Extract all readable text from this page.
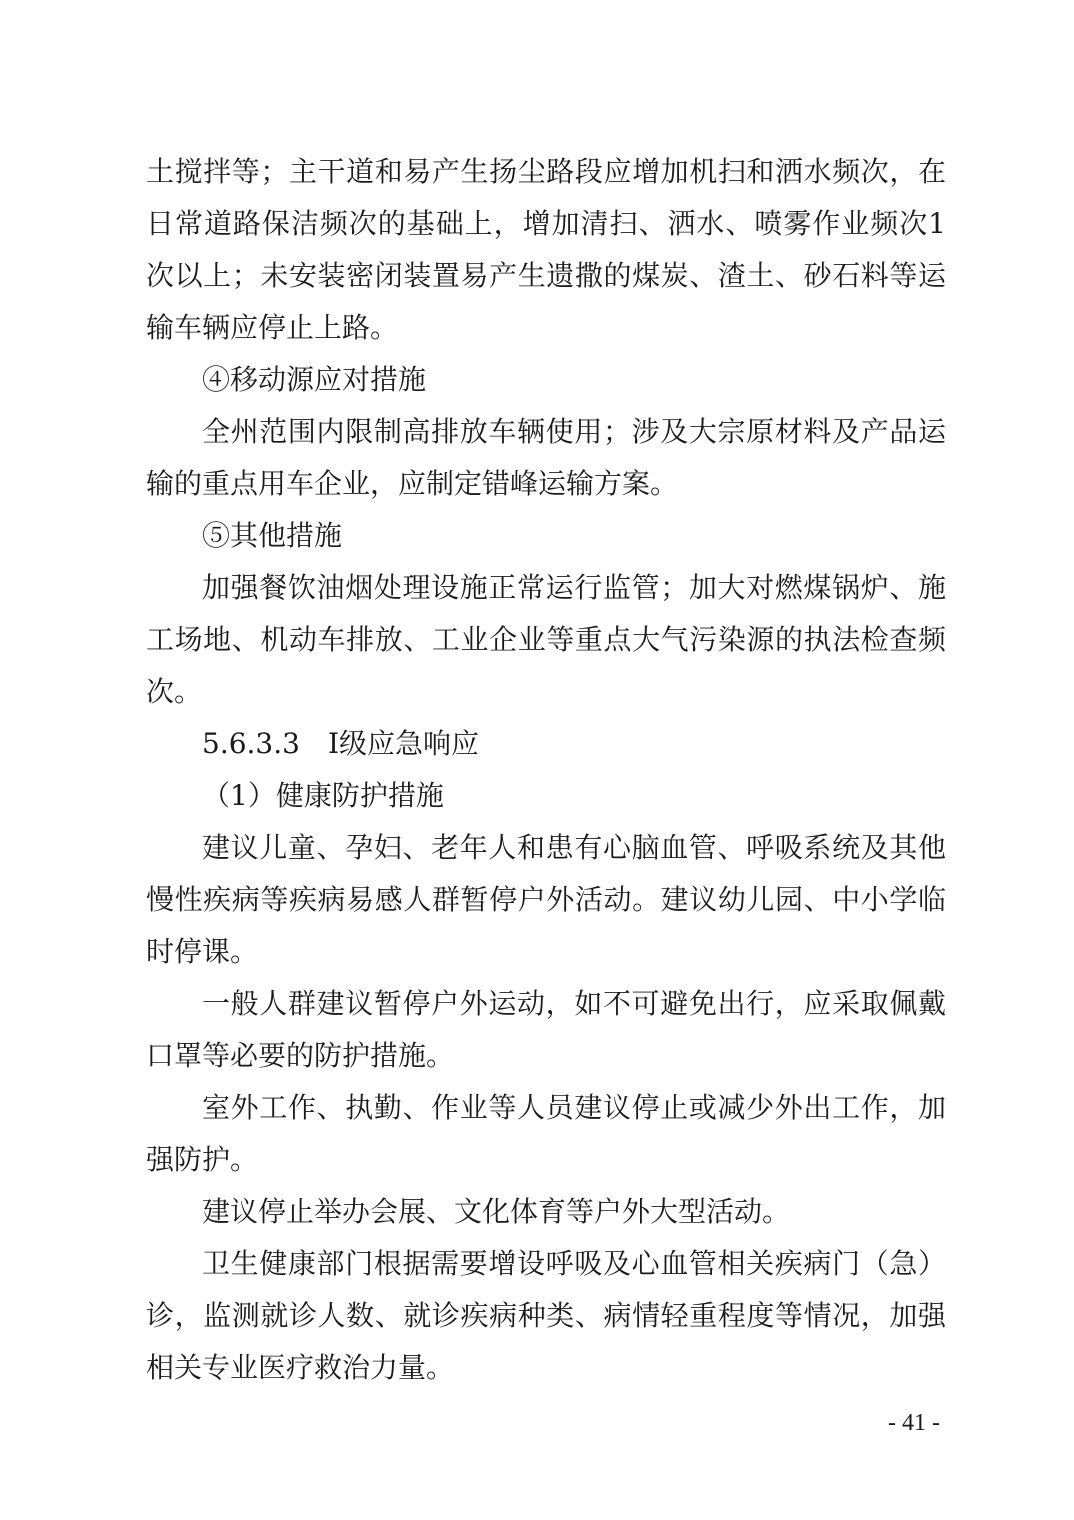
土搅拌等；主干道和易产生扬尘路段应增加机扫和洒水频次，在
日常道路保洁频次的基础上，增加清扫、洒水、喷雾作业频次1
次以上；未安装密闭装置易产生遗撒的煤炭、渣土、砂石料等运
输车辆应停止上路。
④移动源应对措施
全州范围内限制高排放车辆使用；涉及大宗原材料及产品运
输的重点用车企业，应制定错峰运输方案。
⑤其他措施
加强餐饮油烟处理设施正常运行监管；加大对燃煤锅炉、施
工场地、机动车排放、工业企业等重点大气污染源的执法检查频
次。
5.6.3.3　Ⅰ级应急响应
（1）健康防护措施
建议儿童、孕妇、老年人和患有心脑血管、呼吸系统及其他
慢性疾病等疾病易感人群暂停户外活动。建议幼儿园、中小学临
时停课。
一般人群建议暂停户外运动，如不可避免出行，应采取佩戴
口罩等必要的防护措施。
室外工作、执勤、作业等人员建议停止或减少外出工作，加
强防护。
建议停止举办会展、文化体育等户外大型活动。
卫生健康部门根据需要增设呼吸及心血管相关疾病门（急）
诊，监测就诊人数、就诊疾病种类、病情轻重程度等情况，加强
相关专业医疗救治力量。
- 41 -
